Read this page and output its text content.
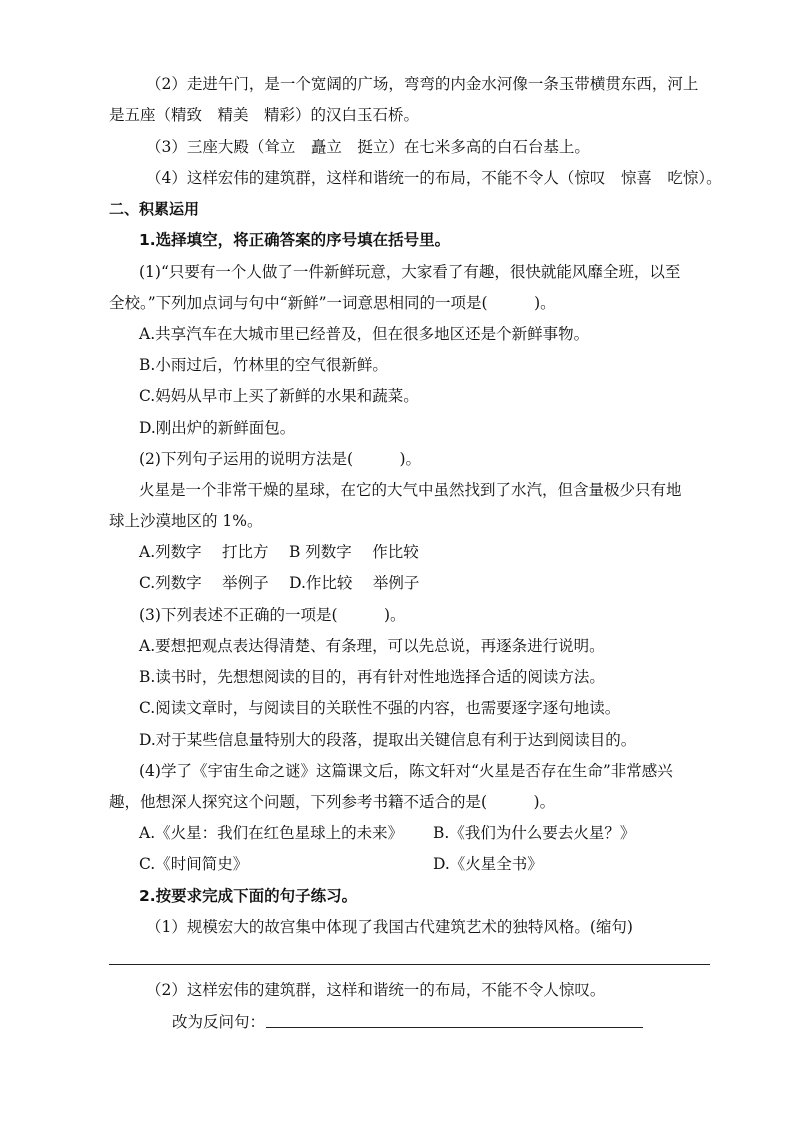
（2）走进午门，是一个宽阔的广场，弯弯的内金水河像一条玉带横贯东西，河上
是五座（精致　精美　精彩）的汉白玉石桥。
（3）三座大殿（耸立　矗立　挺立）在七米多高的白石台基上。
（4）这样宏伟的建筑群，这样和谐统一的布局，不能不令人（惊叹　惊喜　吃惊）。
二、积累运用
1.选择填空，将正确答案的序号填在括号里。
(1)“只要有一个人做了一件新鲜玩意，大家看了有趣，很快就能风靡全班，以至
全校。”下列加点词与句中“新鲜”一词意思相同的一项是(　　　)。
A.共享汽车在大城市里已经普及，但在很多地区还是个新鲜事物。
B.小雨过后，竹林里的空气很新鲜。
C.妈妈从早市上买了新鲜的水果和蔬菜。
D.刚出炉的新鲜面包。
(2)下列句子运用的说明方法是(　　　)。
火星是一个非常干燥的星球，在它的大气中虽然找到了水汽，但含量极少只有地
球上沙漠地区的 1%。
A.列数字　 打比方　 B 列数字　 作比较
C.列数字　 举例子　 D.作比较　 举例子
(3)下列表述不正确的一项是(　　　)。
A.要想把观点表达得清楚、有条理，可以先总说，再逐条进行说明。
B.读书时，先想想阅读的目的，再有针对性地选择合适的阅读方法。
C.阅读文章时，与阅读目的关联性不强的内容，也需要逐字逐句地读。
D.对于某些信息量特别大的段落，提取出关键信息有利于达到阅读目的。
(4)学了《宇宙生命之谜》这篇课文后，陈文轩对“火星是否存在生命”非常感兴
趣，他想深人探究这个问题，下列参考书籍不适合的是(　　　)。
A.《火星：我们在红色星球上的未来》 B.《我们为什么要去火星？》
C.《时间简史》	D.《火星全书》
2.按要求完成下面的句子练习。
（1）规模宏大的故宫集中体现了我国古代建筑艺术的独特风格。(缩句)
（2）这样宏伟的建筑群，这样和谐统一的布局，不能不令人惊叹。
改为反问句：
